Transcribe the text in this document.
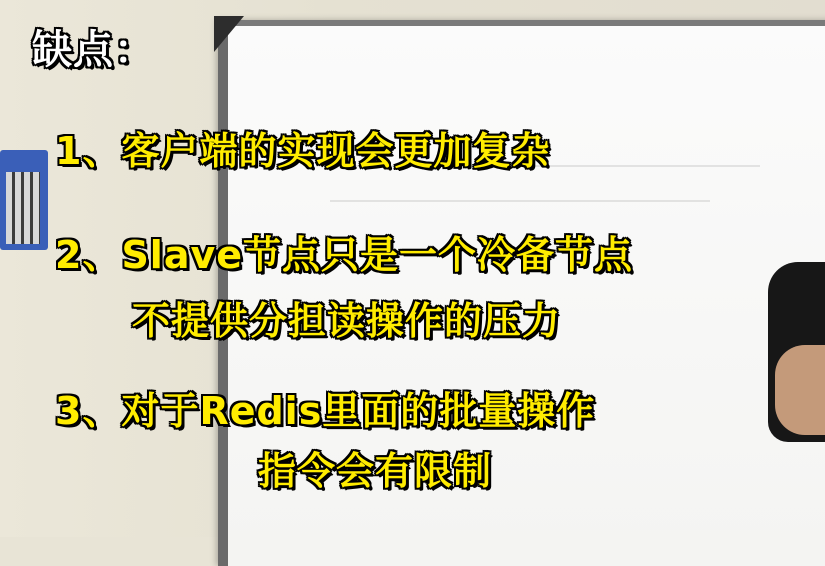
缺点：
1、客户端的实现会更加复杂
2、Slave节点只是一个冷备节点
不提供分担读操作的压力
3、对于Redis里面的批量操作
指令会有限制
